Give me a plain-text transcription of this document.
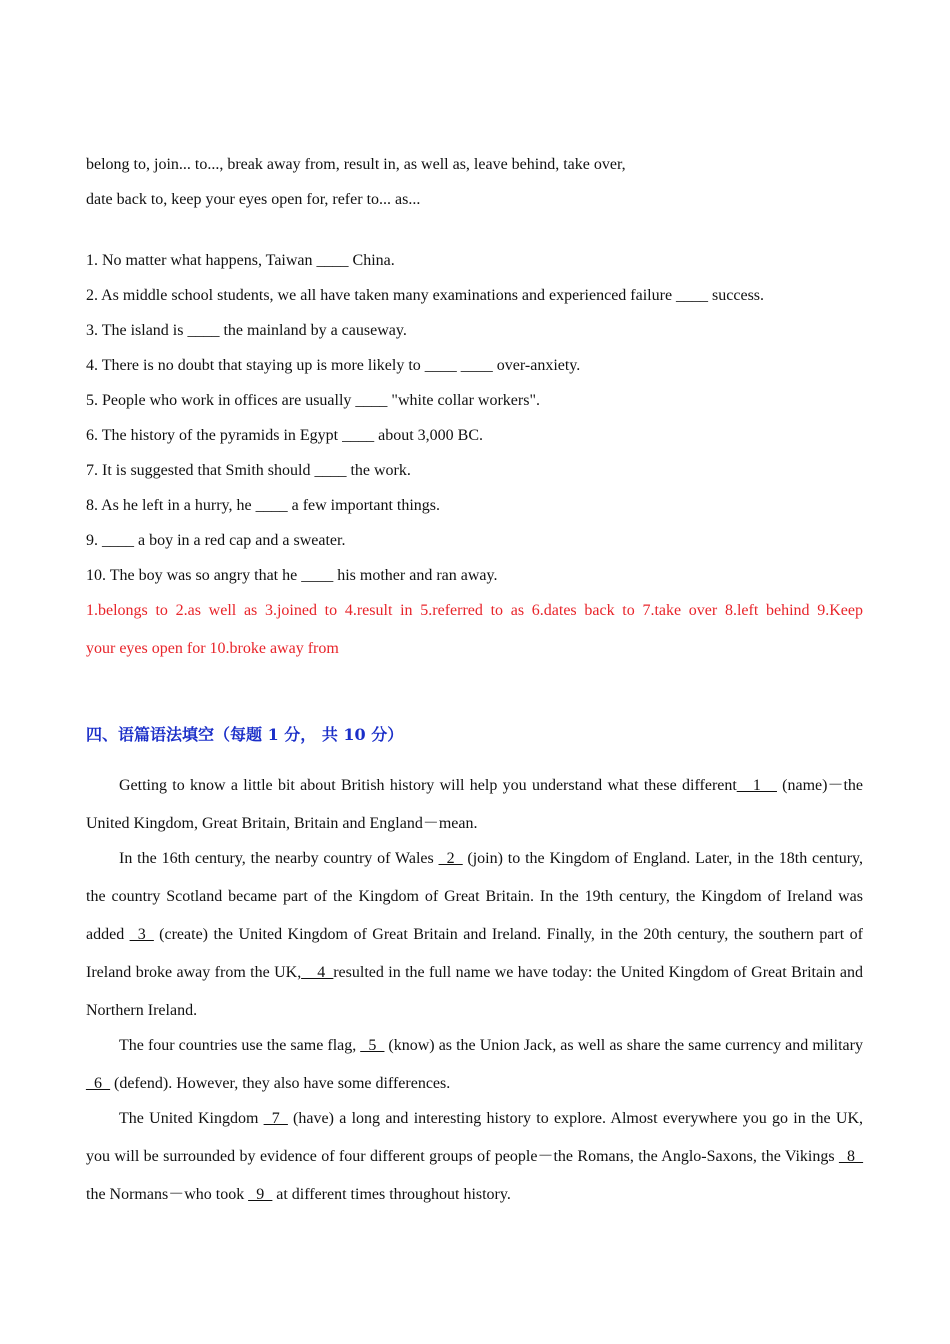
belong to, join... to..., break away from, result in, as well as, leave behind, take over,
date back to, keep your eyes open for, refer to... as...
1. No matter what happens, Taiwan ____ China.
2. As middle school students, we all have taken many examinations and experienced failure ____ success.
3. The island is ____ the mainland by a causeway.
4. There is no doubt that staying up is more likely to ____ ____ over-anxiety.
5. People who work in offices are usually ____ "white collar workers".
6. The history of the pyramids in Egypt ____ about 3,000 BC.
7. It is suggested that Smith should ____ the work.
8. As he left in a hurry, he ____ a few important things.
9. ____ a boy in a red cap and a sweater.
10. The boy was so angry that he ____ his mother and ran away.
1.belongs to 2.as well as 3.joined to 4.result in 5.referred to as 6.dates back to 7.take over 8.left behind 9.Keep
your eyes open for 10.broke away from
四、语篇语法填空（每题 1 分， 共 10 分）
Getting to know a little bit about British history will help you understand what these different__1__ (name)－the United Kingdom, Great Britain, Britain and England－mean.
In the 16th century, the nearby country of Wales _2_ (join) to the Kingdom of England. Later, in the 18th century, the country Scotland became part of the Kingdom of Great Britain. In the 19th century, the Kingdom of Ireland was added _3_ (create) the United Kingdom of Great Britain and Ireland. Finally, in the 20th century, the southern part of Ireland broke away from the UK,__4_resulted in the full name we have today: the United Kingdom of Great Britain and Northern Ireland.
The four countries use the same flag, _5_ (know) as the Union Jack, as well as share the same currency and military _6_ (defend). However, they also have some differences.
The United Kingdom _7_ (have) a long and interesting history to explore. Almost everywhere you go in the UK, you will be surrounded by evidence of four different groups of people－the Romans, the Anglo-Saxons, the Vikings _8_ the Normans－who took _9_ at different times throughout history.
